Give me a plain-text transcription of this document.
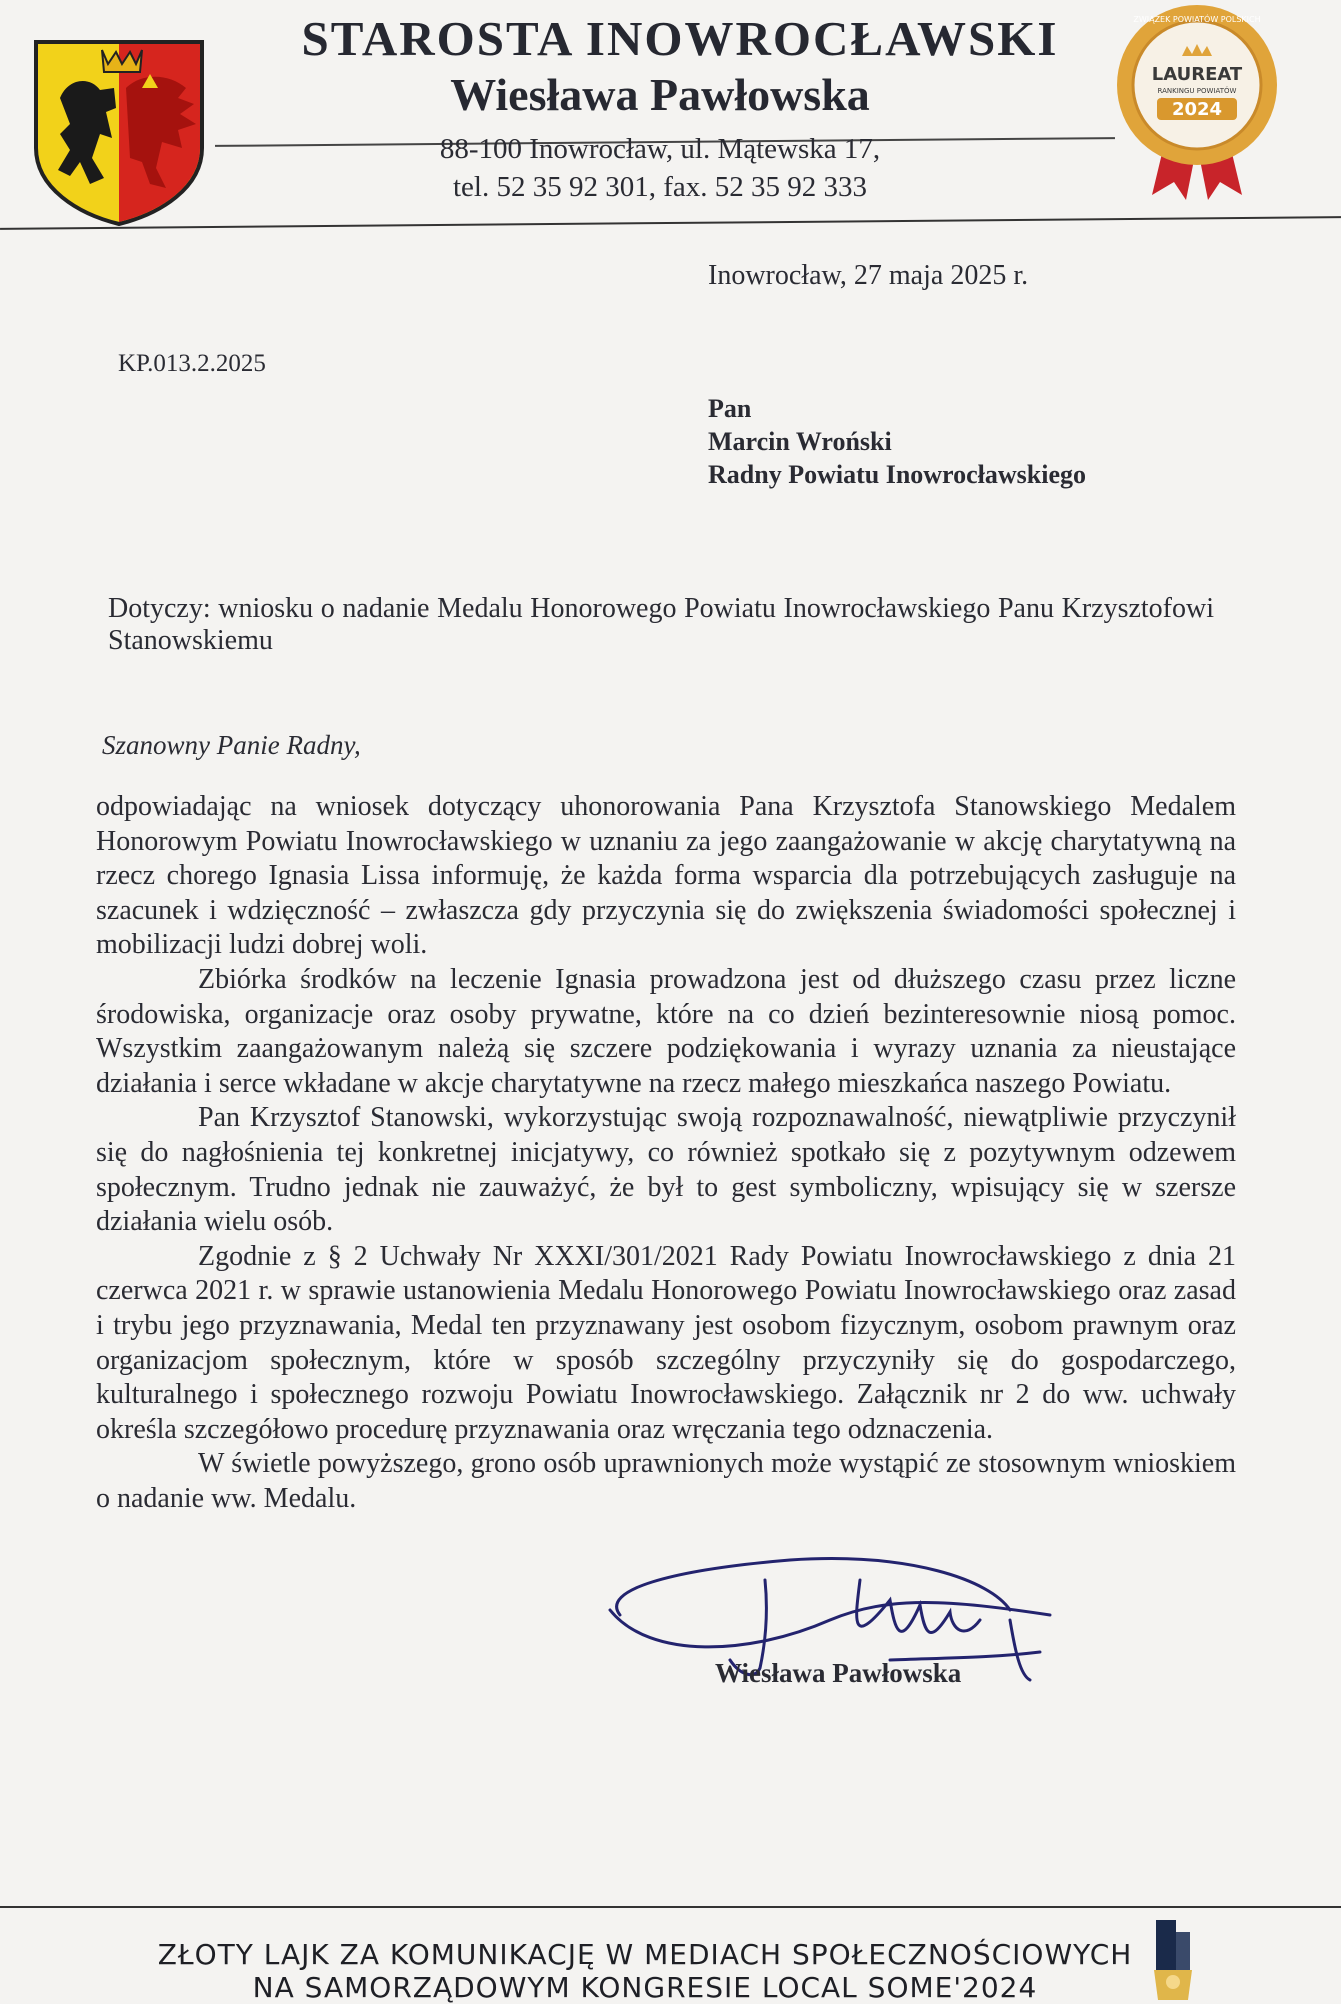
STAROSTA INOWROCŁAWSKI
Wiesława Pawłowska
88-100 Inowrocław, ul. Mątewska 17,
tel. 52 35 92 301, fax. 52 35 92 333
ZWIĄZEK POWIATÓW POLSKICH
LAUREAT
RANKINGU POWIATÓW
2024
Inowrocław, 27 maja 2025 r.
KP.013.2.2025
Pan
Marcin Wroński
Radny Powiatu Inowrocławskiego
Dotyczy: wniosku o nadanie Medalu Honorowego Powiatu Inowrocławskiego Panu Krzysztofowi Stanowskiemu
Szanowny Panie Radny,

odpowiadając na wniosek dotyczący uhonorowania Pana Krzysztofa Stanowskiego Medalem Honorowym Powiatu Inowrocławskiego w uznaniu za jego zaangażowanie w akcję charytatywną na rzecz chorego Ignasia Lissa informuję, że każda forma wsparcia dla potrzebujących zasługuje na szacunek i wdzięczność – zwłaszcza gdy przyczynia się do zwiększenia świadomości społecznej i mobilizacji ludzi dobrej woli.

Zbiórka środków na leczenie Ignasia prowadzona jest od dłuższego czasu przez liczne środowiska, organizacje oraz osoby prywatne, które na co dzień bezinteresownie niosą pomoc. Wszystkim zaangażowanym należą się szczere podziękowania i wyrazy uznania za nieustające działania i serce wkładane w akcje charytatywne na rzecz małego mieszkańca naszego Powiatu.

Pan Krzysztof Stanowski, wykorzystując swoją rozpoznawalność, niewątpliwie przyczynił się do nagłośnienia tej konkretnej inicjatywy, co również spotkało się z pozytywnym odzewem społecznym. Trudno jednak nie zauważyć, że był to gest symboliczny, wpisujący się w szersze działania wielu osób.

Zgodnie z § 2 Uchwały Nr XXXI/301/2021 Rady Powiatu Inowrocławskiego z dnia 21 czerwca 2021 r. w sprawie ustanowienia Medalu Honorowego Powiatu Inowrocławskiego oraz zasad i trybu jego przyznawania, Medal ten przyznawany jest osobom fizycznym, osobom prawnym oraz organizacjom społecznym, które w sposób szczególny przyczyniły się do gospodarczego, kulturalnego i społecznego rozwoju Powiatu Inowrocławskiego. Załącznik nr 2 do ww. uchwały określa szczegółowo procedurę przyznawania oraz wręczania tego odznaczenia.

W świetle powyższego, grono osób uprawnionych może wystąpić ze stosownym wnioskiem o nadanie ww. Medalu.

Wiesława Pawłowska
ZŁOTY LAJK ZA KOMUNIKACJĘ W MEDIACH SPOŁECZNOŚCIOWYCH
NA SAMORZĄDOWYM KONGRESIE LOCAL SOME'2024
